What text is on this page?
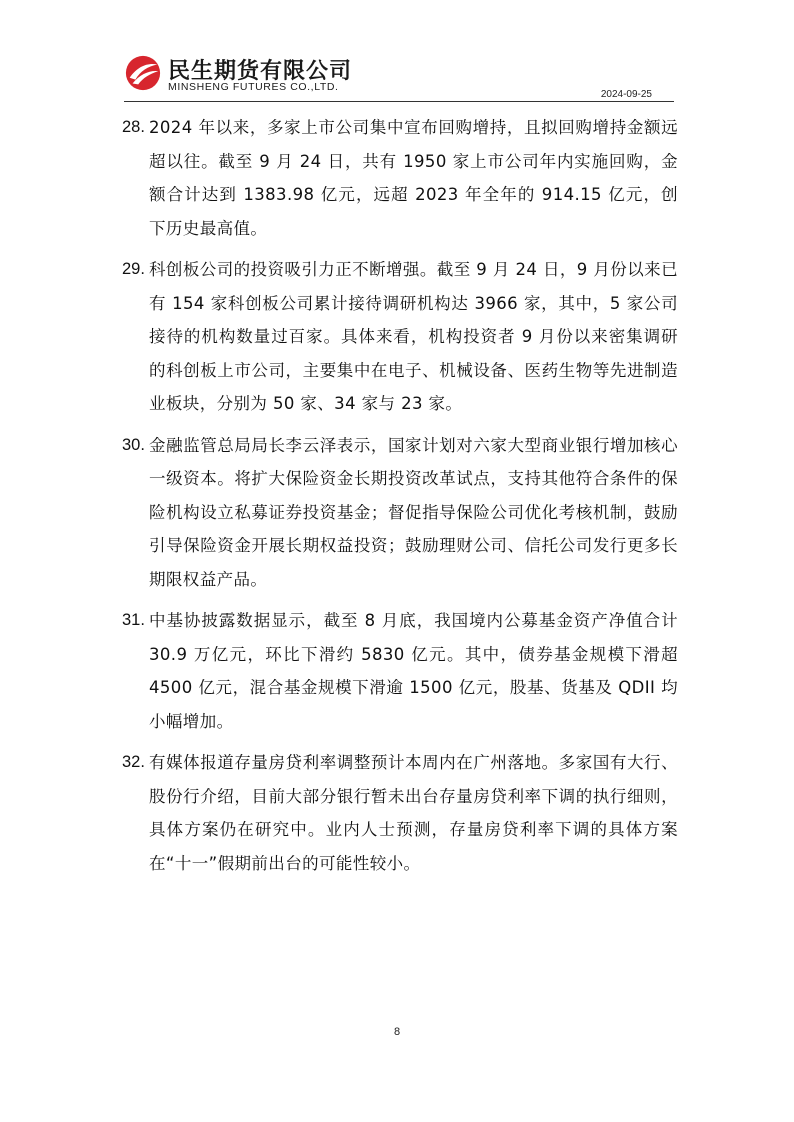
民生期货有限公司
MINSHENG FUTURES CO.,LTD.
2024-09-25
28. 2024 年以来，多家上市公司集中宣布回购增持，且拟回购增持金额远超以往。截至 9 月 24 日，共有 1950 家上市公司年内实施回购，金额合计达到 1383.98 亿元，远超 2023 年全年的 914.15 亿元，创下历史最高值。
29. 科创板公司的投资吸引力正不断增强。截至 9 月 24 日，9 月份以来已有 154 家科创板公司累计接待调研机构达 3966 家，其中，5 家公司接待的机构数量过百家。具体来看，机构投资者 9 月份以来密集调研的科创板上市公司，主要集中在电子、机械设备、医药生物等先进制造业板块，分别为 50 家、34 家与 23 家。
30. 金融监管总局局长李云泽表示，国家计划对六家大型商业银行增加核心一级资本。将扩大保险资金长期投资改革试点，支持其他符合条件的保险机构设立私募证券投资基金；督促指导保险公司优化考核机制，鼓励引导保险资金开展长期权益投资；鼓励理财公司、信托公司发行更多长期限权益产品。
31. 中基协披露数据显示，截至 8 月底，我国境内公募基金资产净值合计 30.9 万亿元，环比下滑约 5830 亿元。其中，债券基金规模下滑超 4500 亿元，混合基金规模下滑逾 1500 亿元，股基、货基及 QDII 均小幅增加。
32. 有媒体报道存量房贷利率调整预计本周内在广州落地。多家国有大行、股份行介绍，目前大部分银行暂未出台存量房贷利率下调的执行细则，具体方案仍在研究中。业内人士预测，存量房贷利率下调的具体方案在“十一”假期前出台的可能性较小。
8
